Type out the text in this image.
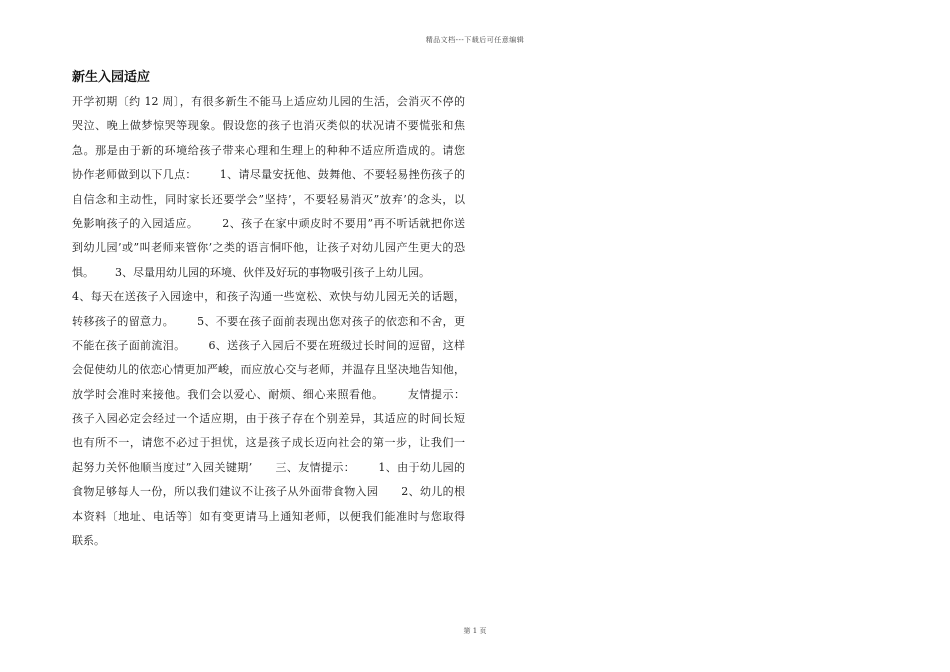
精品文档---下载后可任意编辑
新生入园适应
开学初期〔约 12 周〕，有很多新生不能马上适应幼儿园的生活，会消灭不停的
哭泣、晚上做梦惊哭等现象。假设您的孩子也消灭类似的状况请不要慌张和焦
急。那是由于新的环境给孩子带来心理和生理上的种种不适应所造成的。请您
协作老师做到以下几点：      1、请尽量安抚他、鼓舞他、不要轻易挫伤孩子的
自信念和主动性，同时家长还要学会”坚持’，不要轻易消灭”放弃’的念头，以
免影响孩子的入园适应。      2、孩子在家中顽皮时不要用”再不听话就把你送
到幼儿园’或”叫老师来管你’之类的语言恫吓他，让孩子对幼儿园产生更大的恐
惧。      3、尽量用幼儿园的环境、伙伴及好玩的事物吸引孩子上幼儿园。
4、每天在送孩子入园途中，和孩子沟通一些宽松、欢快与幼儿园无关的话题，
转移孩子的留意力。      5、不要在孩子面前表现出您对孩子的依恋和不舍，更
不能在孩子面前流泪。      6、送孩子入园后不要在班级过长时间的逗留，这样
会促使幼儿的依恋心情更加严峻，而应放心交与老师，并温存且坚决地告知他，
放学时会准时来接他。我们会以爱心、耐烦、细心来照看他。      友情提示：
孩子入园必定会经过一个适应期，由于孩子存在个别差异，其适应的时间长短
也有所不一，请您不必过于担忧，这是孩子成长迈向社会的第一步，让我们一
起努力关怀他顺当度过”入园关键期’      三、友情提示：      1、由于幼儿园的
食物足够每人一份，所以我们建议不让孩子从外面带食物入园      2、幼儿的根
本资料〔地址、电话等〕如有变更请马上通知老师，以便我们能准时与您取得
联系。
第 1 页
